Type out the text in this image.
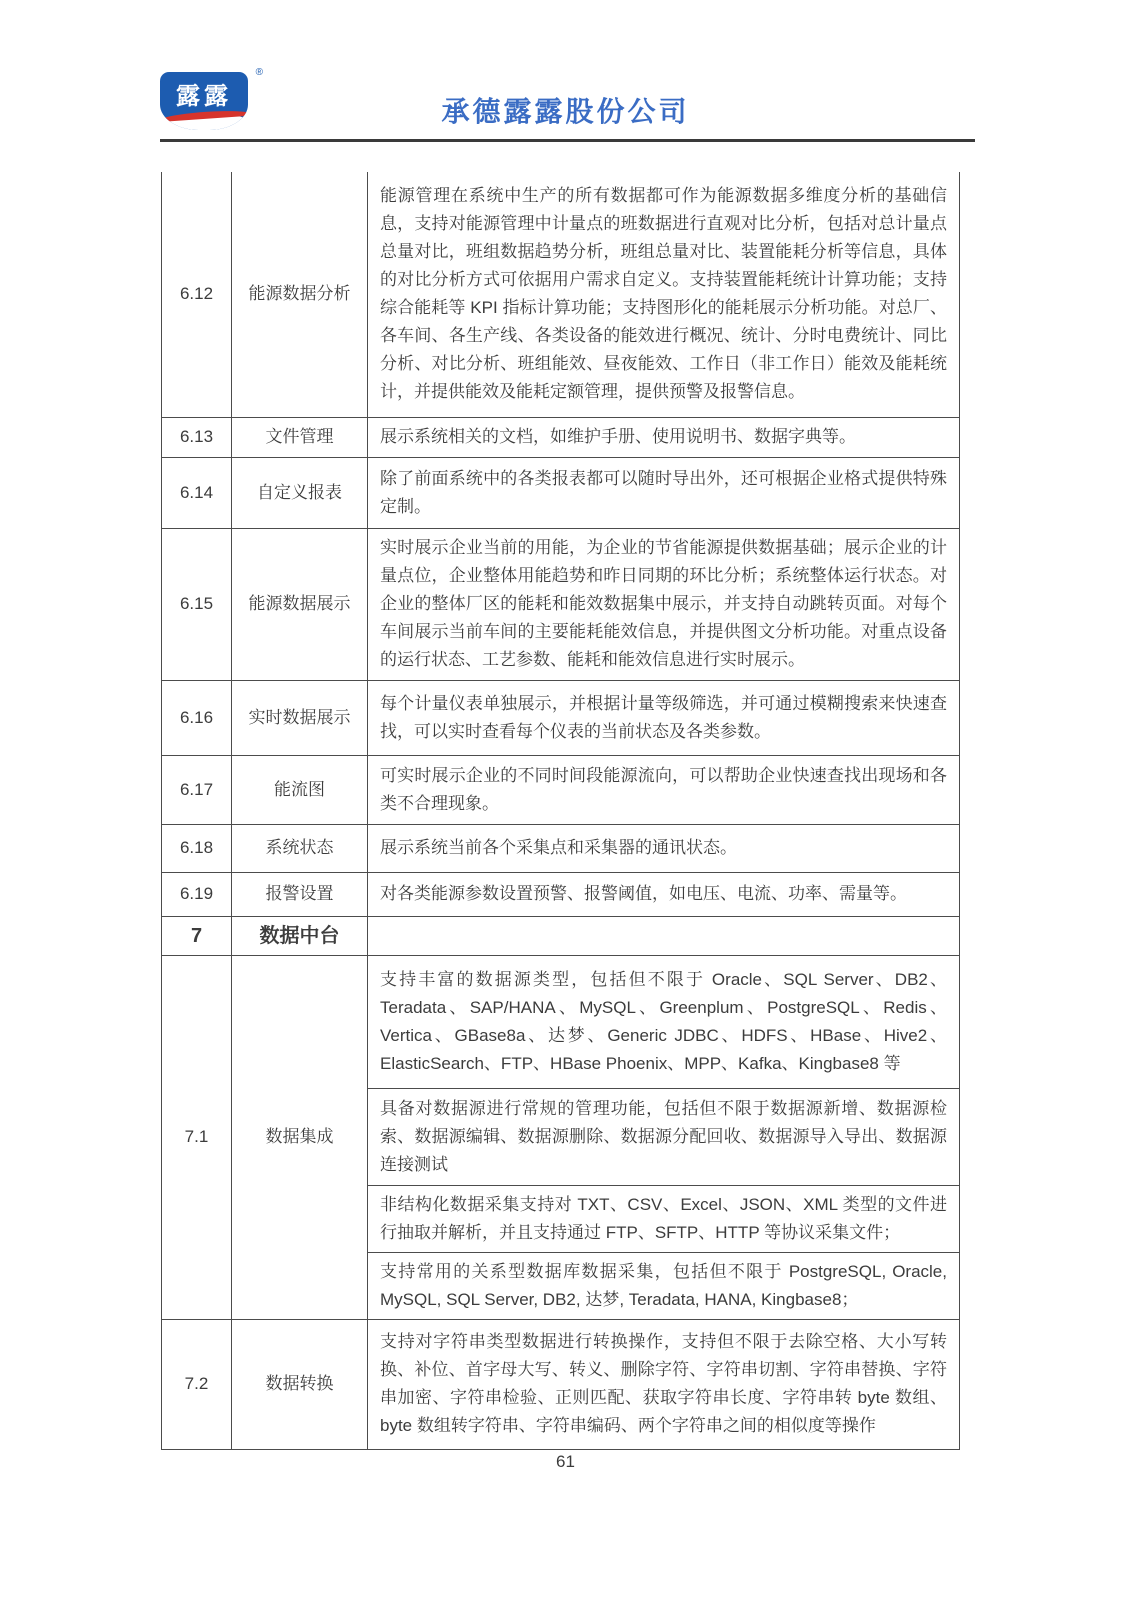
露露
®
承德露露股份公司
6.12	能源数据分析	能源管理在系统中生产的所有数据都可作为能源数据多维度分析的基础信息，支持对能源管理中计量点的班数据进行直观对比分析，包括对总计量点总量对比，班组数据趋势分析，班组总量对比、装置能耗分析等信息，具体的对比分析方式可依据用户需求自定义。支持装置能耗统计计算功能；支持综合能耗等 KPI 指标计算功能；支持图形化的能耗展示分析功能。对总厂、各车间、各生产线、各类设备的能效进行概况、统计、分时电费统计、同比分析、对比分析、班组能效、昼夜能效、工作日（非工作日）能效及能耗统计，并提供能效及能耗定额管理，提供预警及报警信息。
6.13	文件管理	展示系统相关的文档，如维护手册、使用说明书、数据字典等。
6.14	自定义报表	除了前面系统中的各类报表都可以随时导出外，还可根据企业格式提供特殊定制。
6.15	能源数据展示	实时展示企业当前的用能，为企业的节省能源提供数据基础；展示企业的计量点位，企业整体用能趋势和昨日同期的环比分析；系统整体运行状态。对企业的整体厂区的能耗和能效数据集中展示，并支持自动跳转页面。对每个车间展示当前车间的主要能耗能效信息，并提供图文分析功能。对重点设备的运行状态、工艺参数、能耗和能效信息进行实时展示。
6.16	实时数据展示	每个计量仪表单独展示，并根据计量等级筛选，并可通过模糊搜索来快速查找，可以实时查看每个仪表的当前状态及各类参数。
6.17	能流图	可实时展示企业的不同时间段能源流向，可以帮助企业快速查找出现场和各类不合理现象。
6.18	系统状态	展示系统当前各个采集点和采集器的通讯状态。
6.19	报警设置	对各类能源参数设置预警、报警阈值，如电压、电流、功率、需量等。
7	数据中台	
7.1	数据集成	支持丰富的数据源类型，包括但不限于 Oracle、SQL Server、DB2、Teradata、SAP/HANA、MySQL、Greenplum、PostgreSQL、Redis、Vertica、GBase8a、达梦、Generic JDBC、HDFS、HBase、Hive2、ElasticSearch、FTP、HBase Phoenix、MPP、Kafka、Kingbase8 等
		具备对数据源进行常规的管理功能，包括但不限于数据源新增、数据源检索、数据源编辑、数据源删除、数据源分配回收、数据源导入导出、数据源连接测试
		非结构化数据采集支持对 TXT、CSV、Excel、JSON、XML 类型的文件进行抽取并解析，并且支持通过 FTP、SFTP、HTTP 等协议采集文件；
		支持常用的关系型数据库数据采集，包括但不限于 PostgreSQL, Oracle, MySQL, SQL Server, DB2, 达梦, Teradata, HANA, Kingbase8；
7.2	数据转换	支持对字符串类型数据进行转换操作，支持但不限于去除空格、大小写转换、补位、首字母大写、转义、删除字符、字符串切割、字符串替换、字符串加密、字符串检验、正则匹配、获取字符串长度、字符串转 byte 数组、byte 数组转字符串、字符串编码、两个字符串之间的相似度等操作
61
